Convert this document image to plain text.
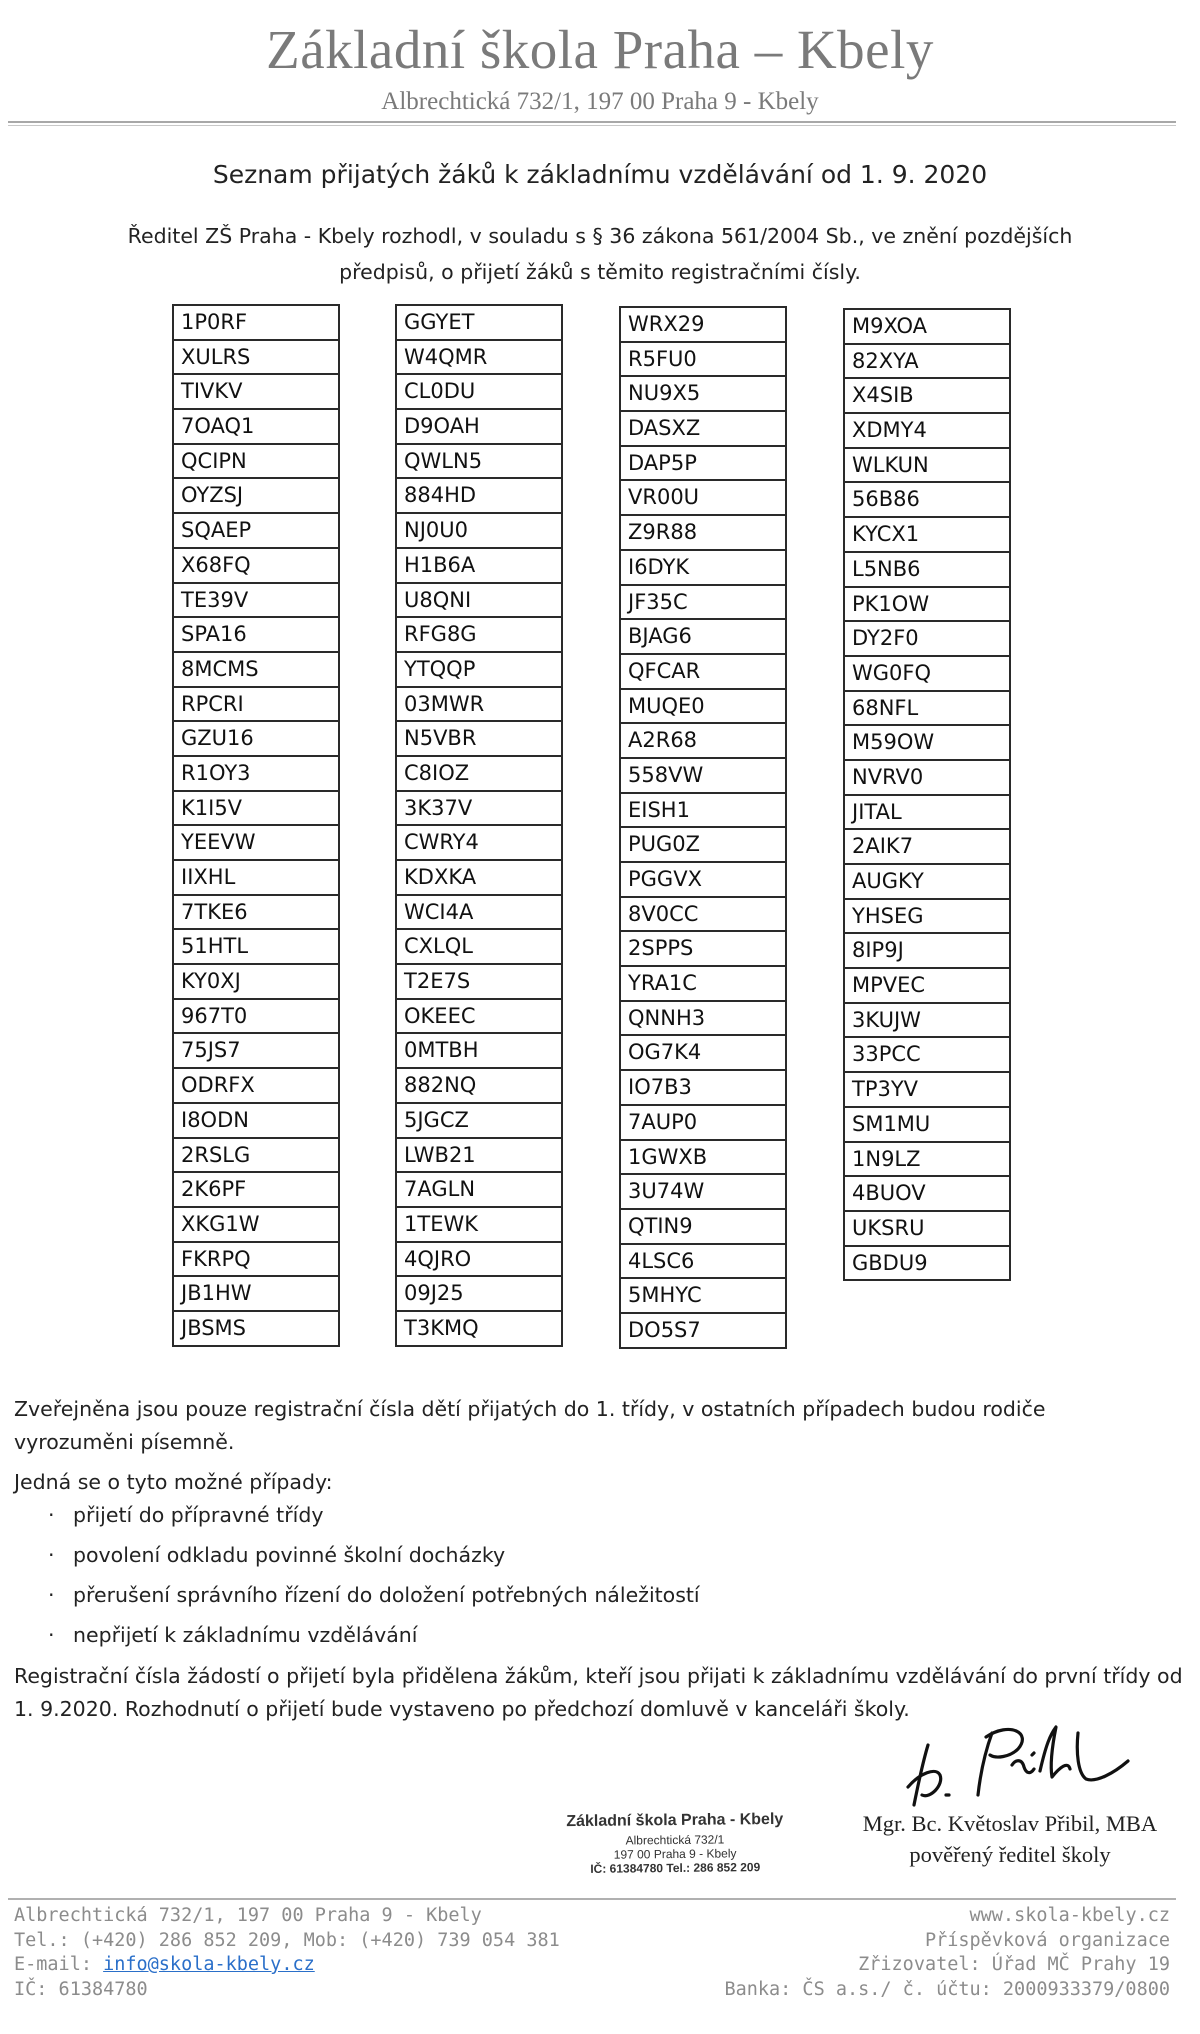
Základní škola Praha – Kbely
Albrechtická 732/1, 197 00 Praha 9 - Kbely
Seznam přijatých žáků k základnímu vzdělávání od 1. 9. 2020
Ředitel ZŠ Praha - Kbely rozhodl, v souladu s § 36 zákona 561/2004 Sb., ve znění pozdějších
předpisů, o přijetí žáků s těmito registračními čísly.
1P0RF
XULRS
TIVKV
7OAQ1
QCIPN
OYZSJ
SQAEP
X68FQ
TE39V
SPA16
8MCMS
RPCRI
GZU16
R1OY3
K1I5V
YEEVW
IIXHL
7TKE6
51HTL
KY0XJ
967T0
75JS7
ODRFX
I8ODN
2RSLG
2K6PF
XKG1W
FKRPQ
JB1HW
JBSMS
GGYET
W4QMR
CL0DU
D9OAH
QWLN5
884HD
NJ0U0
H1B6A
U8QNI
RFG8G
YTQQP
03MWR
N5VBR
C8IOZ
3K37V
CWRY4
KDXKA
WCI4A
CXLQL
T2E7S
OKEEC
0MTBH
882NQ
5JGCZ
LWB21
7AGLN
1TEWK
4QJRO
09J25
T3KMQ
WRX29
R5FU0
NU9X5
DASXZ
DAP5P
VR00U
Z9R88
I6DYK
JF35C
BJAG6
QFCAR
MUQE0
A2R68
558VW
EISH1
PUG0Z
PGGVX
8V0CC
2SPPS
YRA1C
QNNH3
OG7K4
IO7B3
7AUP0
1GWXB
3U74W
QTIN9
4LSC6
5MHYC
DO5S7
M9XOA
82XYA
X4SIB
XDMY4
WLKUN
56B86
KYCX1
L5NB6
PK1OW
DY2F0
WG0FQ
68NFL
M59OW
NVRV0
JITAL
2AIK7
AUGKY
YHSEG
8IP9J
MPVEC
3KUJW
33PCC
TP3YV
SM1MU
1N9LZ
4BUOV
UKSRU
GBDU9
Zveřejněna jsou pouze registrační čísla dětí přijatých do 1. třídy, v ostatních případech budou rodiče
vyrozuměni písemně.
Jedná se o tyto možné případy:
· přijetí do přípravné třídy
· povolení odkladu povinné školní docházky
· přerušení správního řízení do doložení potřebných náležitostí
· nepřijetí k základnímu vzdělávání
Registrační čísla žádostí o přijetí byla přidělena žákům, kteří jsou přijati k základnímu vzdělávání do první třídy od
1. 9.2020. Rozhodnutí o přijetí bude vystaveno po předchozí domluvě v kanceláři školy.
Základní škola Praha - Kbely
Albrechtická 732/1
197 00 Praha 9 - Kbely
IČ: 61384780 Tel.: 286 852 209
Mgr. Bc. Květoslav Přibil, MBA
pověřený ředitel školy
Albrechtická 732/1, 197 00 Praha 9 - Kbely
Tel.: (+420) 286 852 209, Mob: (+420) 739 054 381
E-mail: info@skola-kbely.cz
IČ: 61384780
www.skola-kbely.cz
Příspěvková organizace
Zřizovatel: Úřad MČ Prahy 19
Banka: ČS a.s./ č. účtu: 2000933379/0800
